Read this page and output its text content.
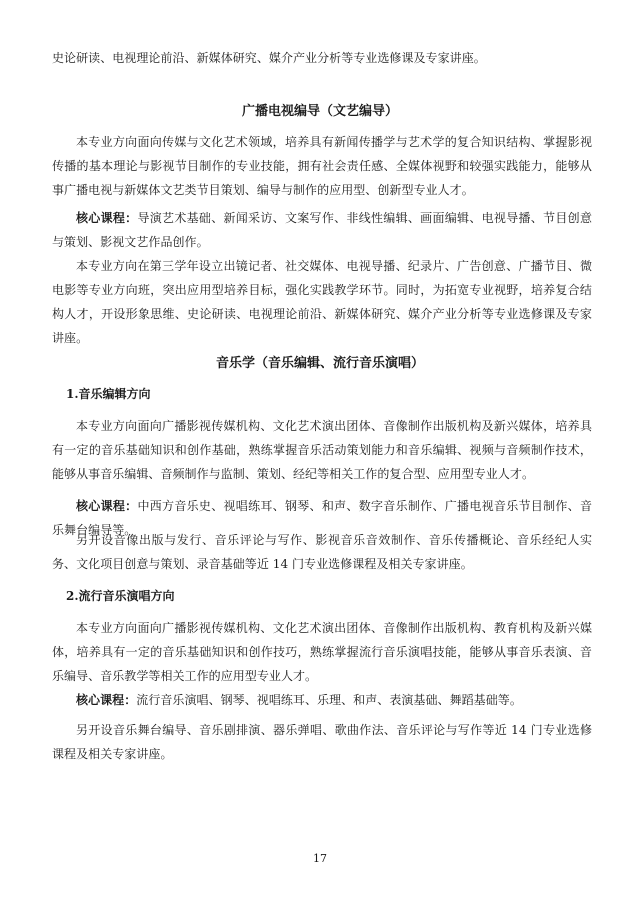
史论研读、电视理论前沿、新媒体研究、媒介产业分析等专业选修课及专家讲座。
广播电视编导（文艺编导）
本专业方向面向传媒与文化艺术领域，培养具有新闻传播学与艺术学的复合知识结构、掌握影视传播的基本理论与影视节目制作的专业技能，拥有社会责任感、全媒体视野和较强实践能力，能够从事广播电视与新媒体文艺类节目策划、编导与制作的应用型、创新型专业人才。
核心课程：导演艺术基础、新闻采访、文案写作、非线性编辑、画面编辑、电视导播、节目创意与策划、影视文艺作品创作。
本专业方向在第三学年设立出镜记者、社交媒体、电视导播、纪录片、广告创意、广播节目、微电影等专业方向班，突出应用型培养目标，强化实践教学环节。同时，为拓宽专业视野，培养复合结构人才，开设形象思维、史论研读、电视理论前沿、新媒体研究、媒介产业分析等专业选修课及专家讲座。
音乐学（音乐编辑、流行音乐演唱）
1.音乐编辑方向
本专业方向面向广播影视传媒机构、文化艺术演出团体、音像制作出版机构及新兴媒体，培养具有一定的音乐基础知识和创作基础，熟练掌握音乐活动策划能力和音乐编辑、视频与音频制作技术，能够从事音乐编辑、音频制作与监制、策划、经纪等相关工作的复合型、应用型专业人才。
核心课程：中西方音乐史、视唱练耳、钢琴、和声、数字音乐制作、广播电视音乐节目制作、音乐舞台编导等。
另开设音像出版与发行、音乐评论与写作、影视音乐音效制作、音乐传播概论、音乐经纪人实务、文化项目创意与策划、录音基础等近 14 门专业选修课程及相关专家讲座。
2.流行音乐演唱方向
本专业方向面向广播影视传媒机构、文化艺术演出团体、音像制作出版机构、教育机构及新兴媒体，培养具有一定的音乐基础知识和创作技巧，熟练掌握流行音乐演唱技能，能够从事音乐表演、音乐编导、音乐教学等相关工作的应用型专业人才。
核心课程：流行音乐演唱、钢琴、视唱练耳、乐理、和声、表演基础、舞蹈基础等。
另开设音乐舞台编导、音乐剧排演、器乐弹唱、歌曲作法、音乐评论与写作等近 14 门专业选修课程及相关专家讲座。
17
